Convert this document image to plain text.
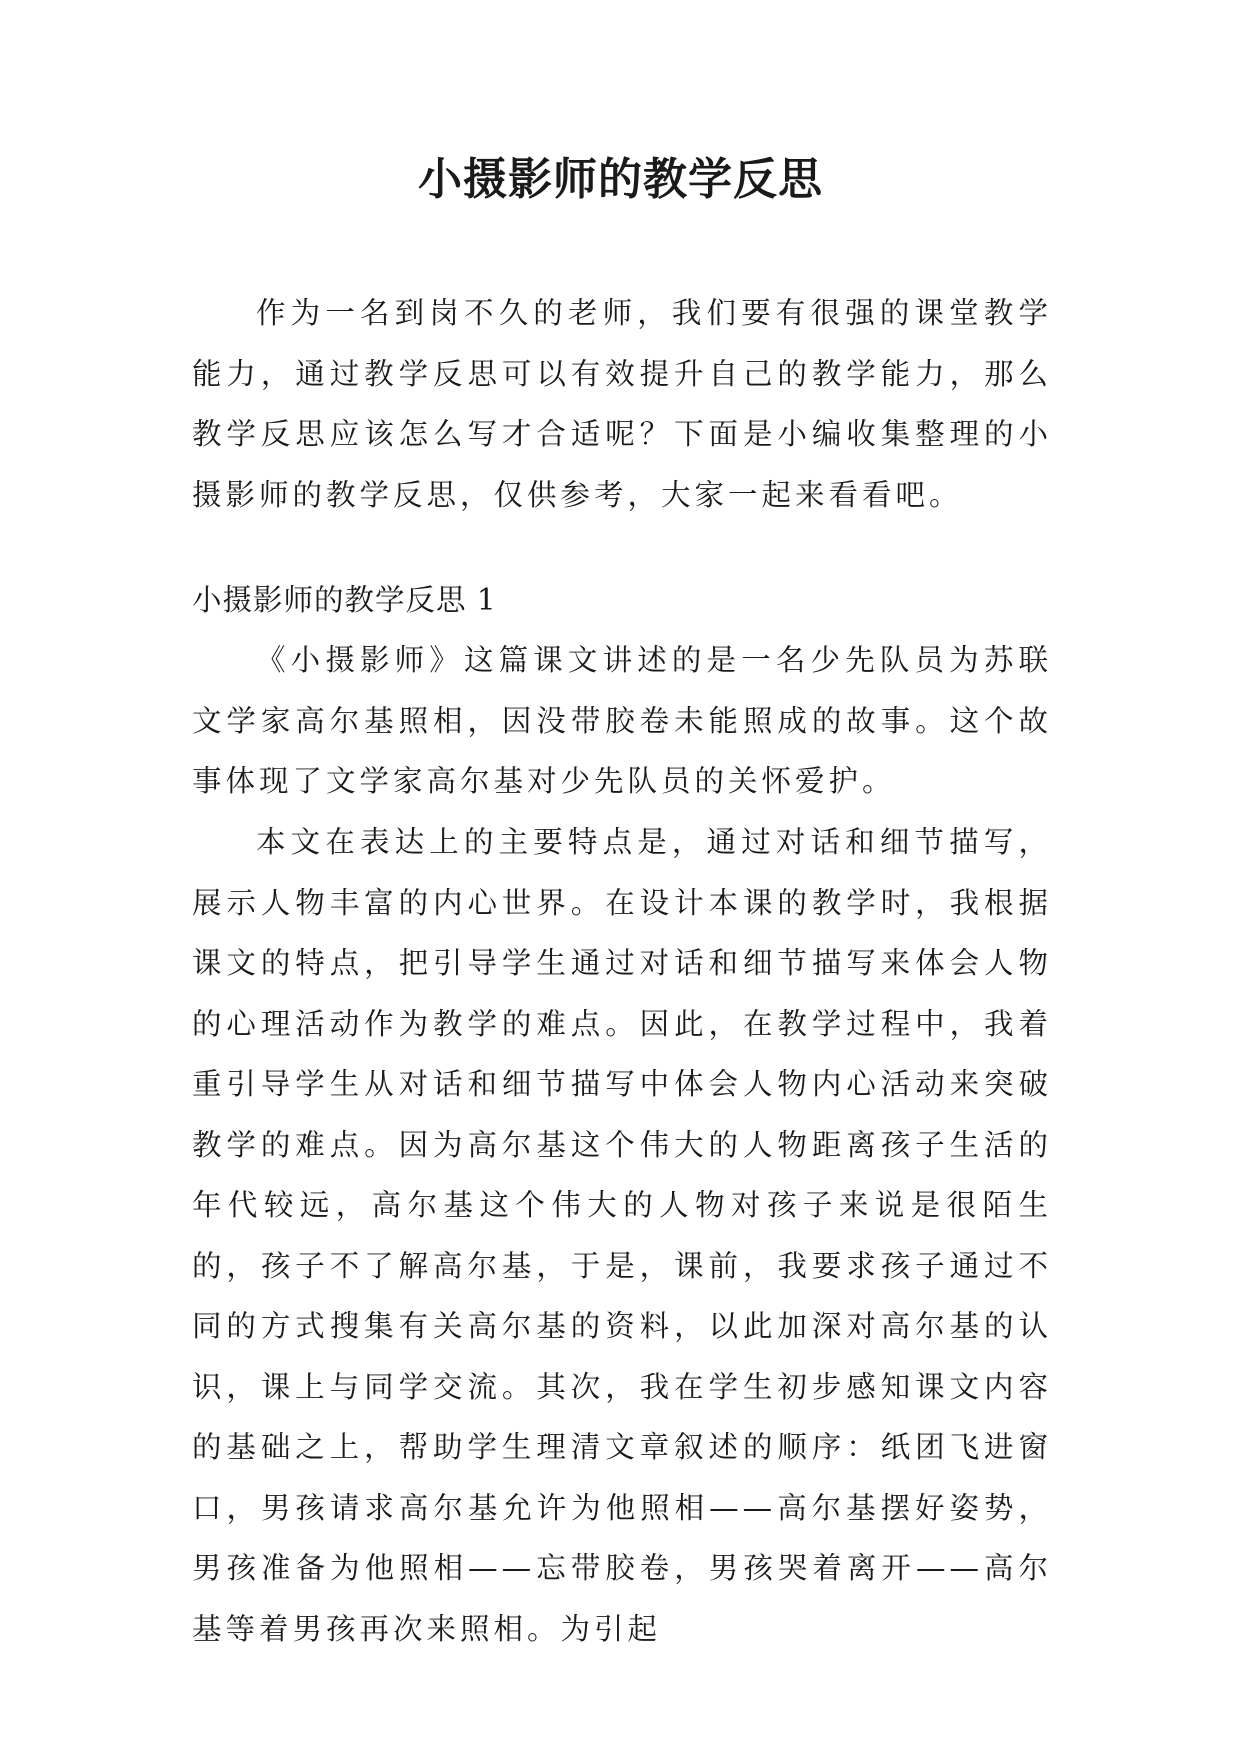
小摄影师的教学反思

作为一名到岗不久的老师，我们要有很强的课堂教学能力，通过教学反思可以有效提升自己的教学能力，那么教学反思应该怎么写才合适呢？下面是小编收集整理的小摄影师的教学反思，仅供参考，大家一起来看看吧。

小摄影师的教学反思 1

《小摄影师》这篇课文讲述的是一名少先队员为苏联文学家高尔基照相，因没带胶卷未能照成的故事。这个故事体现了文学家高尔基对少先队员的关怀爱护。

本文在表达上的主要特点是，通过对话和细节描写，展示人物丰富的内心世界。在设计本课的教学时，我根据课文的特点，把引导学生通过对话和细节描写来体会人物的心理活动作为教学的难点。因此，在教学过程中，我着重引导学生从对话和细节描写中体会人物内心活动来突破教学的难点。因为高尔基这个伟大的人物距离孩子生活的年代较远，高尔基这个伟大的人物对孩子来说是很陌生的，孩子不了解高尔基，于是，课前，我要求孩子通过不同的方式搜集有关高尔基的资料，以此加深对高尔基的认识，课上与同学交流。其次，我在学生初步感知课文内容的基础之上，帮助学生理清文章叙述的顺序：纸团飞进窗口，男孩请求高尔基允许为他照相——高尔基摆好姿势，男孩准备为他照相——忘带胶卷，男孩哭着离开——高尔基等着男孩再次来照相。为引起
